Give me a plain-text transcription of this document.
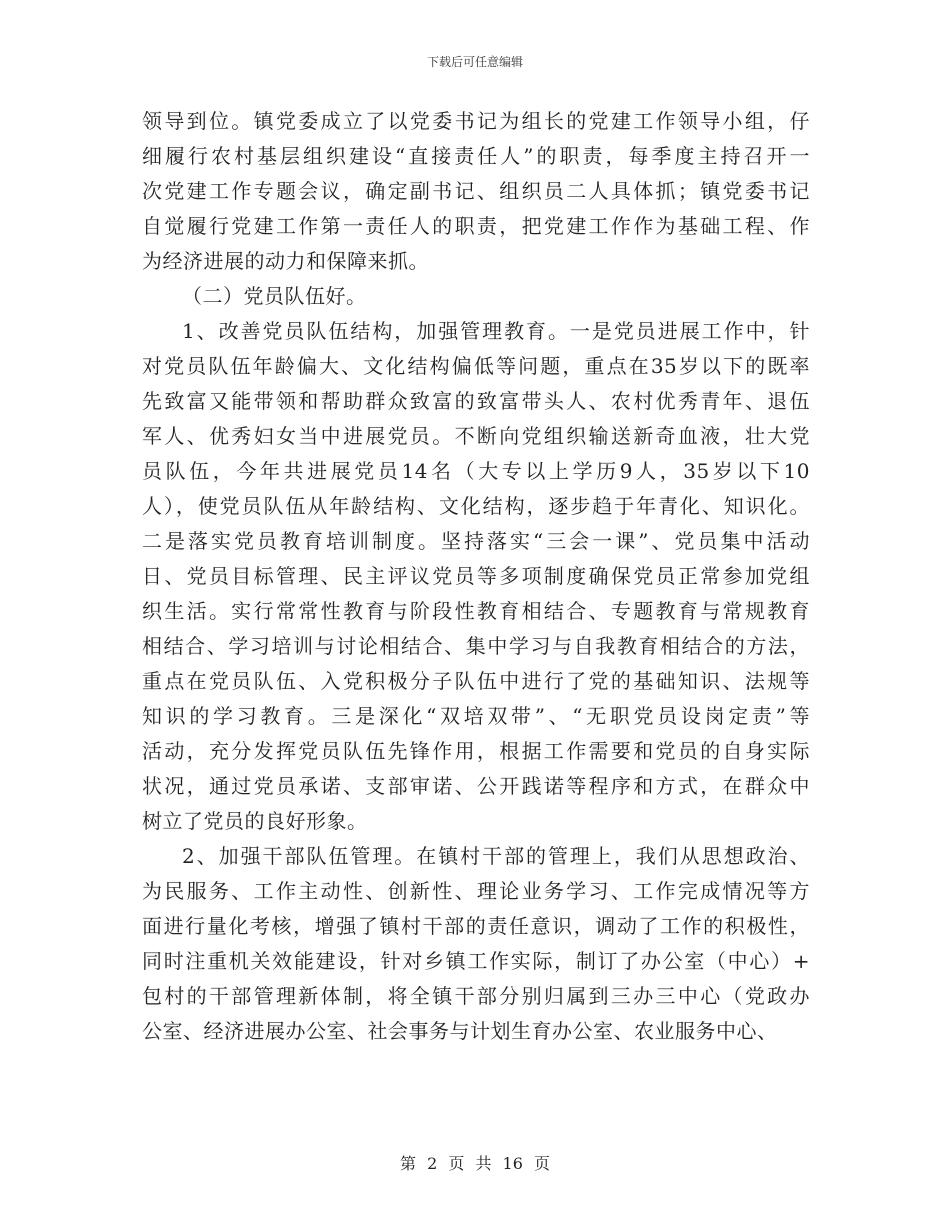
下载后可任意编辑
领导到位。镇党委成立了以党委书记为组长的党建工作领导小组，仔
细履行农村基层组织建设“直接责任人”的职责，每季度主持召开一
次党建工作专题会议，确定副书记、组织员二人具体抓；镇党委书记
自觉履行党建工作第一责任人的职责，把党建工作作为基础工程、作
为经济进展的动力和保障来抓。
（二）党员队伍好。
1、改善党员队伍结构，加强管理教育。一是党员进展工作中，针
对党员队伍年龄偏大、文化结构偏低等问题，重点在35岁以下的既率
先致富又能带领和帮助群众致富的致富带头人、农村优秀青年、退伍
军人、优秀妇女当中进展党员。不断向党组织输送新奇血液，壮大党
员队伍，今年共进展党员14名（大专以上学历9人，35岁以下10
人），使党员队伍从年龄结构、文化结构，逐步趋于年青化、知识化。
二是落实党员教育培训制度。坚持落实“三会一课”、党员集中活动
日、党员目标管理、民主评议党员等多项制度确保党员正常参加党组
织生活。实行常常性教育与阶段性教育相结合、专题教育与常规教育
相结合、学习培训与讨论相结合、集中学习与自我教育相结合的方法，
重点在党员队伍、入党积极分子队伍中进行了党的基础知识、法规等
知识的学习教育。三是深化“双培双带”、“无职党员设岗定责”等
活动，充分发挥党员队伍先锋作用，根据工作需要和党员的自身实际
状况，通过党员承诺、支部审诺、公开践诺等程序和方式，在群众中
树立了党员的良好形象。
2、加强干部队伍管理。在镇村干部的管理上，我们从思想政治、
为民服务、工作主动性、创新性、理论业务学习、工作完成情况等方
面进行量化考核，增强了镇村干部的责任意识，调动了工作的积极性，
同时注重机关效能建设，针对乡镇工作实际，制订了办公室（中心）+
包村的干部管理新体制，将全镇干部分别归属到三办三中心（党政办
公室、经济进展办公室、社会事务与计划生育办公室、农业服务中心、
第 2 页 共 16 页
